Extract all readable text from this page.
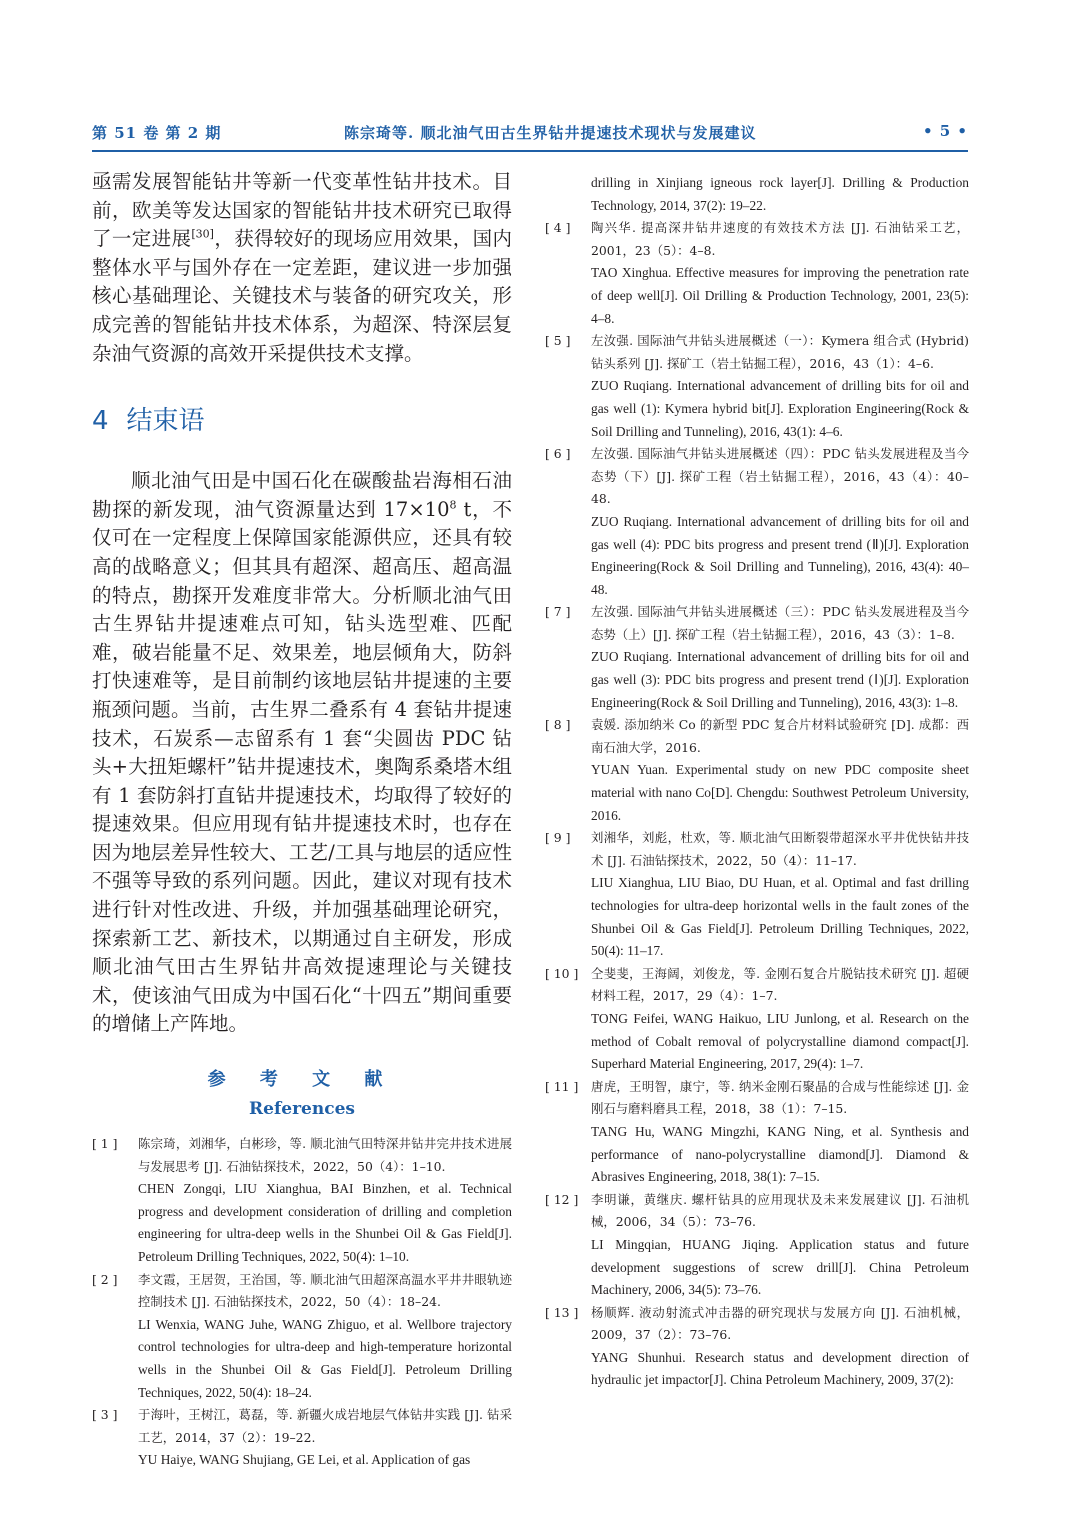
第 51 卷 第 2 期	陈宗琦等. 顺北油气田古生界钻井提速技术现状与发展建议	• 5 •

亟需发展智能钻井等新一代变革性钻井技术。目前，欧美等发达国家的智能钻井技术研究已取得了一定进展[30]，获得较好的现场应用效果，国内整体水平与国外存在一定差距，建议进一步加强核心基础理论、关键技术与装备的研究攻关，形成完善的智能钻井技术体系，为超深、特深层复杂油气资源的高效开采提供技术支撑。

4 结束语

顺北油气田是中国石化在碳酸盐岩海相石油勘探的新发现，油气资源量达到 $17\times 10^8$ t，不仅可在一定程度上保障国家能源供应，还具有较高的战略意义；但其具有超深、超高压、超高温的特点，勘探开发难度非常大。分析顺北油气田古生界钻井提速难点可知，钻头选型难、匹配难，破岩能量不足、效果差，地层倾角大，防斜打快速难等，是目前制约该地层钻井提速的主要瓶颈问题。当前，古生界二叠系有 4 套钻井提速技术，石炭系—志留系有 1 套“尖圆齿 PDC 钻头+大扭矩螺杆”钻井提速技术，奥陶系桑塔木组有 1 套防斜打直钻井提速技术，均取得了较好的提速效果。但应用现有钻井提速技术时，也存在因为地层差异性较大、工艺/工具与地层的适应性不强等导致的系列问题。因此，建议对现有技术进行针对性改进、升级，并加强基础理论研究，探索新工艺、新技术，以期通过自主研发，形成顺北油气田古生界钻井高效提速理论与关键技术，使该油气田成为中国石化“十四五”期间重要的增储上产阵地。

参 考 文 献
References
[ 1 ] 陈宗琦，刘湘华，白彬珍，等. 顺北油气田特深井钻井完井技术进展与发展思考 [J]. 石油钻探技术，2022，50（4）：1–10.
CHEN Zongqi, LIU Xianghua, BAI Binzhen, et al. Technical progress and development consideration of drilling and completion engineering for ultra-deep wells in the Shunbei Oil & Gas Field[J]. Petroleum Drilling Techniques, 2022, 50(4): 1–10.
[ 2 ] 李文霞，王居贺，王治国，等. 顺北油气田超深高温水平井井眼轨迹控制技术 [J]. 石油钻探技术，2022，50（4）：18–24.
LI Wenxia, WANG Juhe, WANG Zhiguo, et al. Wellbore trajectory control technologies for ultra-deep and high-temperature horizontal wells in the Shunbei Oil & Gas Field[J]. Petroleum Drilling Techniques, 2022, 50(4): 18–24.
[ 3 ] 于海叶，王树江，葛磊，等. 新疆火成岩地层气体钻井实践 [J]. 钻采工艺，2014，37（2）：19–22.
YU Haiye, WANG Shujiang, GE Lei, et al. Application of gas

drilling in Xinjiang igneous rock layer[J]. Drilling & Production Technology, 2014, 37(2): 19–22.

[ 4 ] 陶兴华. 提高深井钻井速度的有效技术方法 [J]. 石油钻采工艺，2001，23（5）：4–8.
TAO Xinghua. Effective measures for improving the penetration rate of deep well[J]. Oil Drilling & Production Technology, 2001, 23(5): 4–8.
[ 5 ] 左汝强. 国际油气井钻头进展概述（一）：Kymera 组合式 (Hybrid) 钻头系列 [J]. 探矿工（岩土钻掘工程），2016，43（1）：4–6.
ZUO Ruqiang. International advancement of drilling bits for oil and gas well (1): Kymera hybrid bit[J]. Exploration Engineering(Rock & Soil Drilling and Tunneling), 2016, 43(1): 4–6.
[ 6 ] 左汝强. 国际油气井钻头进展概述（四）：PDC 钻头发展进程及当今态势（下）[J]. 探矿工程（岩土钻掘工程），2016，43（4）：40–48.
ZUO Ruqiang. International advancement of drilling bits for oil and gas well (4): PDC bits progress and present trend (Ⅱ)[J]. Exploration Engineering(Rock & Soil Drilling and Tunneling), 2016, 43(4): 40–48.
[ 7 ] 左汝强. 国际油气井钻头进展概述（三）：PDC 钻头发展进程及当今态势（上）[J]. 探矿工程（岩土钻掘工程），2016，43（3）：1–8.
ZUO Ruqiang. International advancement of drilling bits for oil and gas well (3): PDC bits progress and present trend (Ⅰ)[J]. Exploration Engineering(Rock & Soil Drilling and Tunneling), 2016, 43(3): 1–8.
[ 8 ] 袁媛. 添加纳米 Co 的新型 PDC 复合片材料试验研究 [D]. 成都：西南石油大学，2016.
YUAN Yuan. Experimental study on new PDC composite sheet material with nano Co[D]. Chengdu: Southwest Petroleum University, 2016.
[ 9 ] 刘湘华，刘彪，杜欢，等. 顺北油气田断裂带超深水平井优快钻井技术 [J]. 石油钻探技术，2022，50（4）：11–17.
LIU Xianghua, LIU Biao, DU Huan, et al. Optimal and fast drilling technologies for ultra-deep horizontal wells in the fault zones of the Shunbei Oil & Gas Field[J]. Petroleum Drilling Techniques, 2022, 50(4): 11–17.
[ 10 ] 仝斐斐，王海阔，刘俊龙，等. 金刚石复合片脱钴技术研究 [J]. 超硬材料工程，2017，29（4）：1–7.
TONG Feifei, WANG Haikuo, LIU Junlong, et al. Research on the method of Cobalt removal of polycrystalline diamond compact[J]. Superhard Material Engineering, 2017, 29(4): 1–7.
[ 11 ] 唐虎，王明智，康宁，等. 纳米金刚石聚晶的合成与性能综述 [J]. 金刚石与磨料磨具工程，2018，38（1）：7–15.
TANG Hu, WANG Mingzhi, KANG Ning, et al. Synthesis and performance of nano-polycrystalline diamond[J]. Diamond & Abrasives Engineering, 2018, 38(1): 7–15.
[ 12 ] 李明谦，黄继庆. 螺杆钻具的应用现状及未来发展建议 [J]. 石油机械，2006，34（5）：73–76.
LI Mingqian, HUANG Jiqing. Application status and future development suggestions of screw drill[J]. China Petroleum Machinery, 2006, 34(5): 73–76.
[ 13 ] 杨顺辉. 液动射流式冲击器的研究现状与发展方向 [J]. 石油机械，2009，37（2）：73–76.
YANG Shunhui. Research status and development direction of hydraulic jet impactor[J]. China Petroleum Machinery, 2009, 37(2):
